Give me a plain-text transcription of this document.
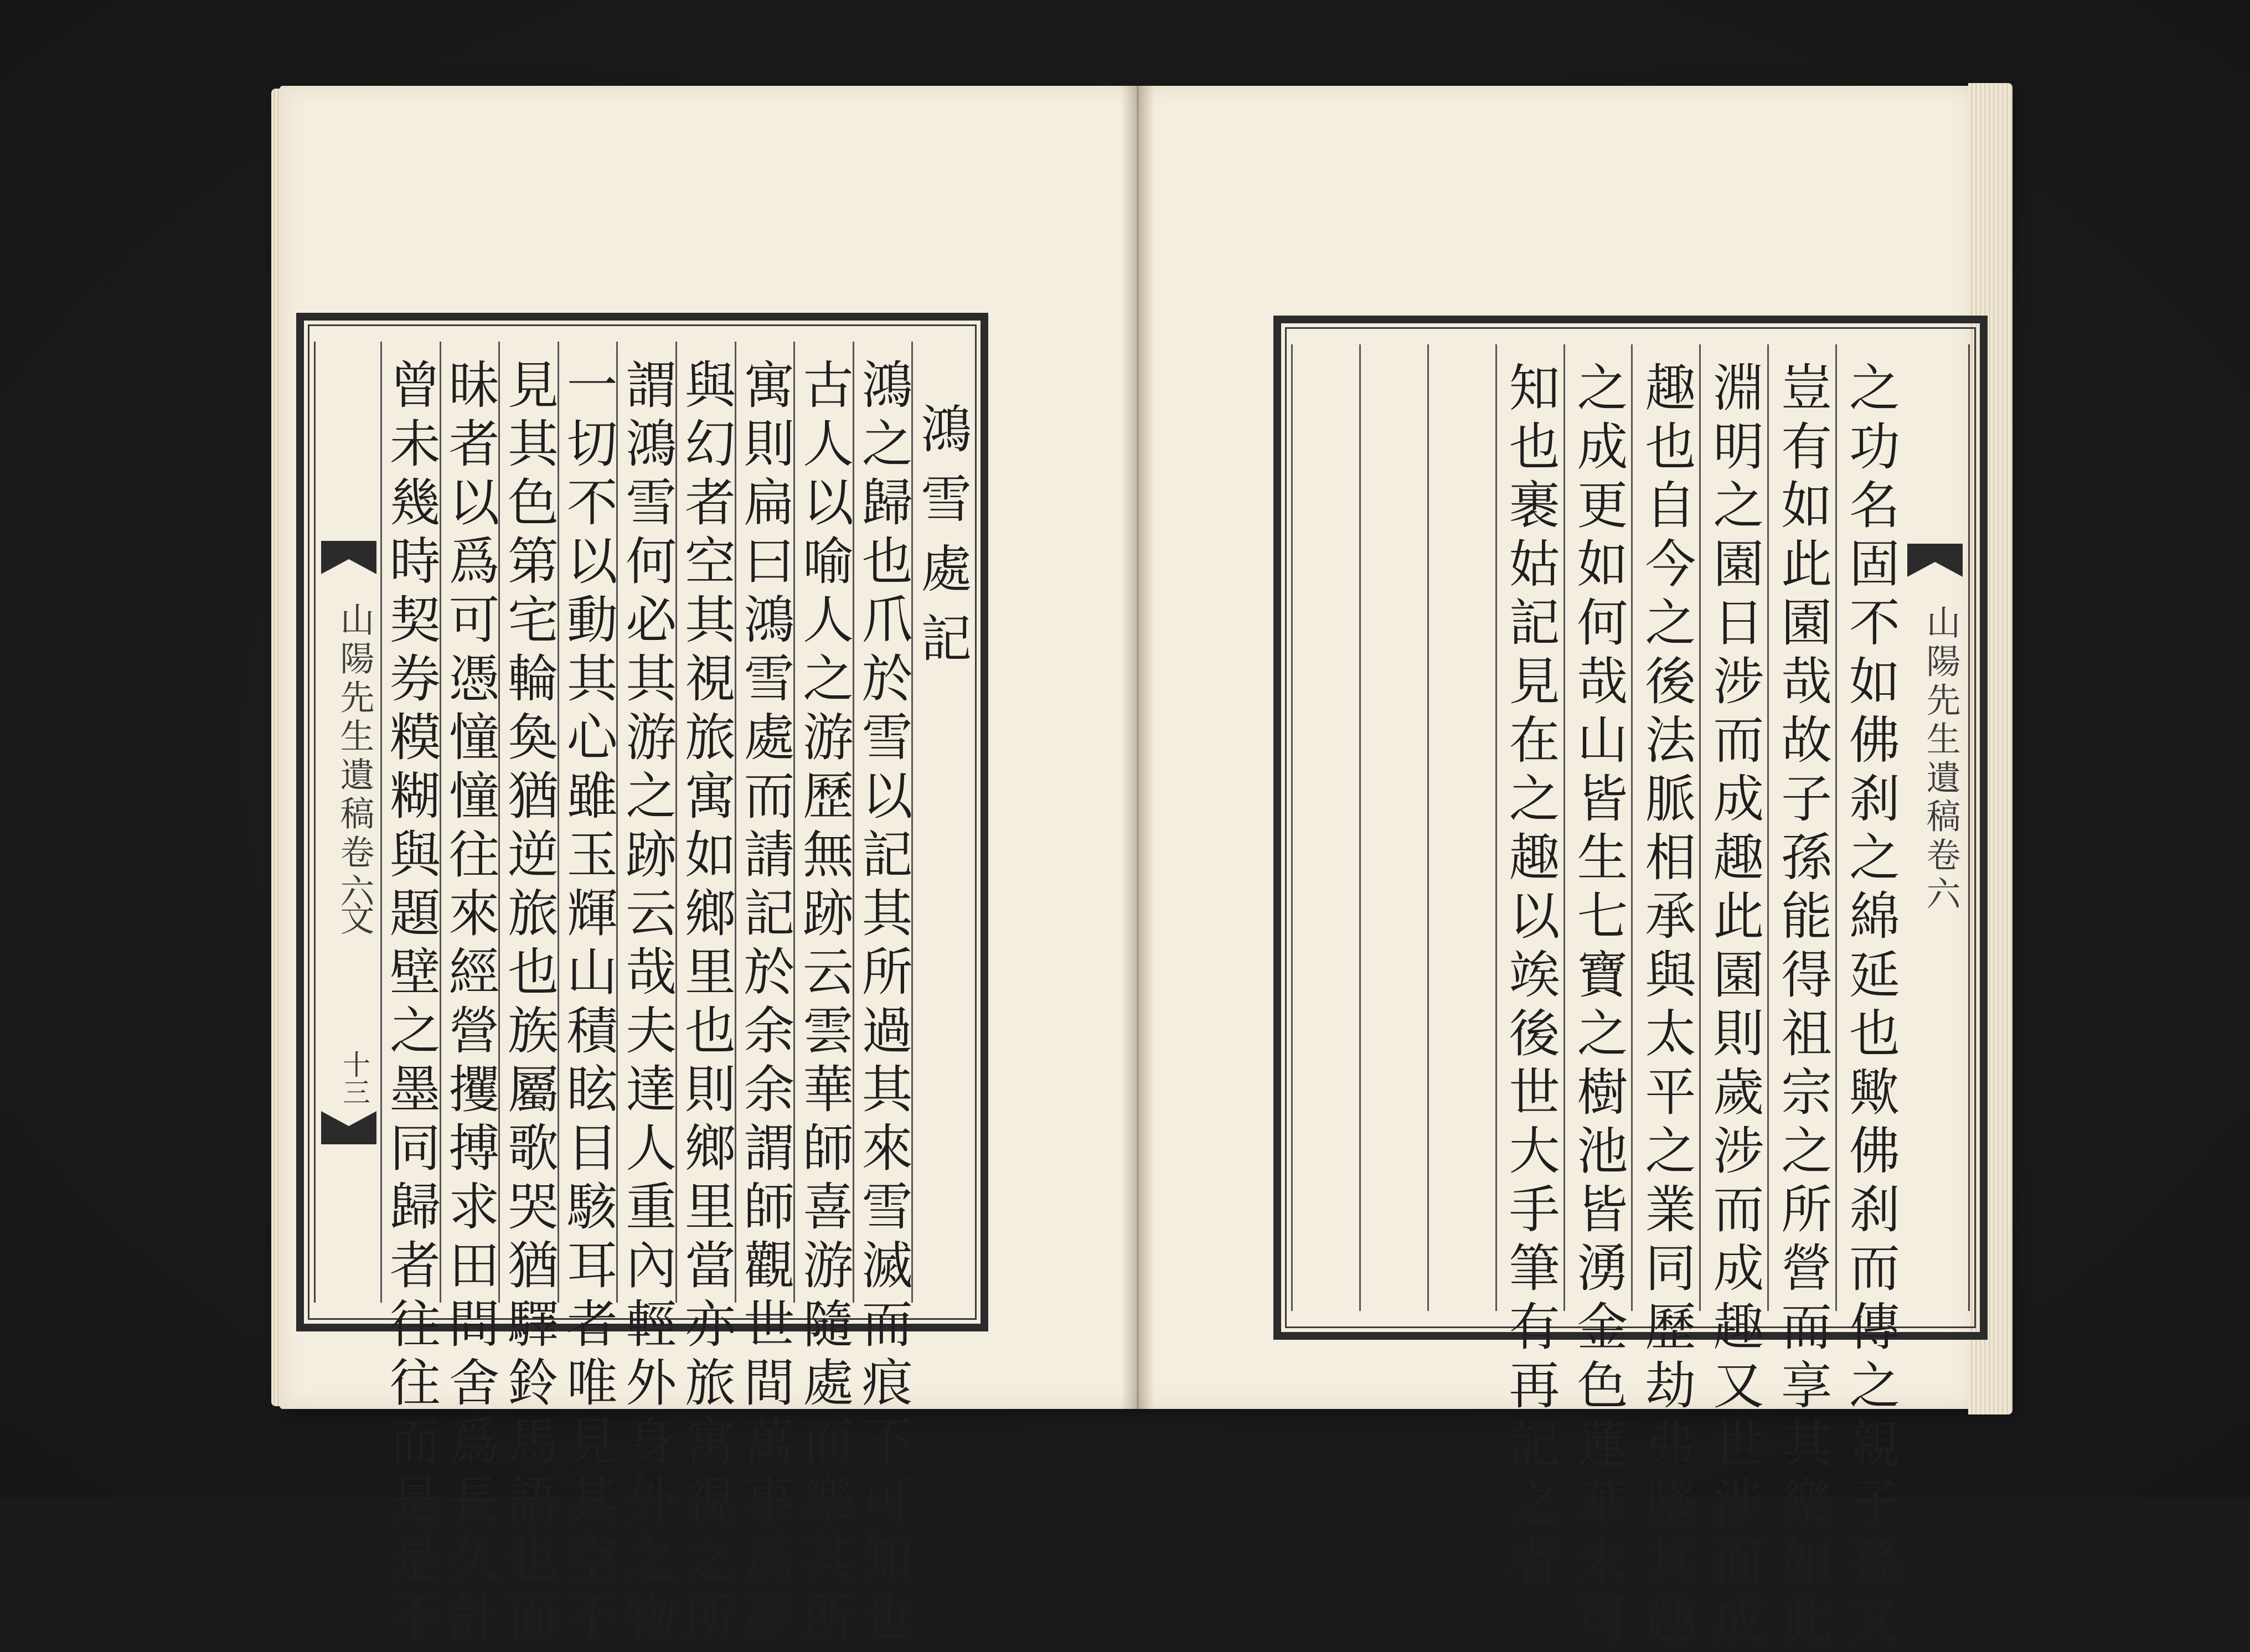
山陽先生遺稿卷六
文
十三
鴻雪處記
鴻之歸也爪於雪以記其所過其來雪滅而痕不可知也
古人以喻人之游歷無跡云雲華師喜游隨處而樂其所
寓則扁曰鴻雪處而請記於余余謂師觀世間萬事爲夢
與幻者空其視旅寓如鄉里也則鄉里當亦旅寓視之所
謂鴻雪何必其游之跡云哉夫達人重內輕外身外之物
一切不以動其心雖玉輝山積眩目駭耳者唯見其空不
見其色第宅輪奐猶逆旅也族屬歌哭猶驛鈴馬語也而
昧者以爲可憑憧憧往來經營攫搏求田問舍爲長久計
曾未幾時契券糢糊與題壁之墨同歸者往往而是是不	山陽先生遺稿卷六
之功名固不如佛刹之綿延也歟佛刹而傳之親子孫又
豈有如此園哉故子孫能得祖宗之所營而享其樂如此
淵明之園日涉而成趣此園則歲涉而成趣又世涉而成
趣也自今之後法脈相承與太平之業同歷劫弗墜其趣
之成更如何哉山皆生七寶之樹池皆湧金色蓮華未可
知也裹姑記見在之趣以竢後世大手筆有再記之者
